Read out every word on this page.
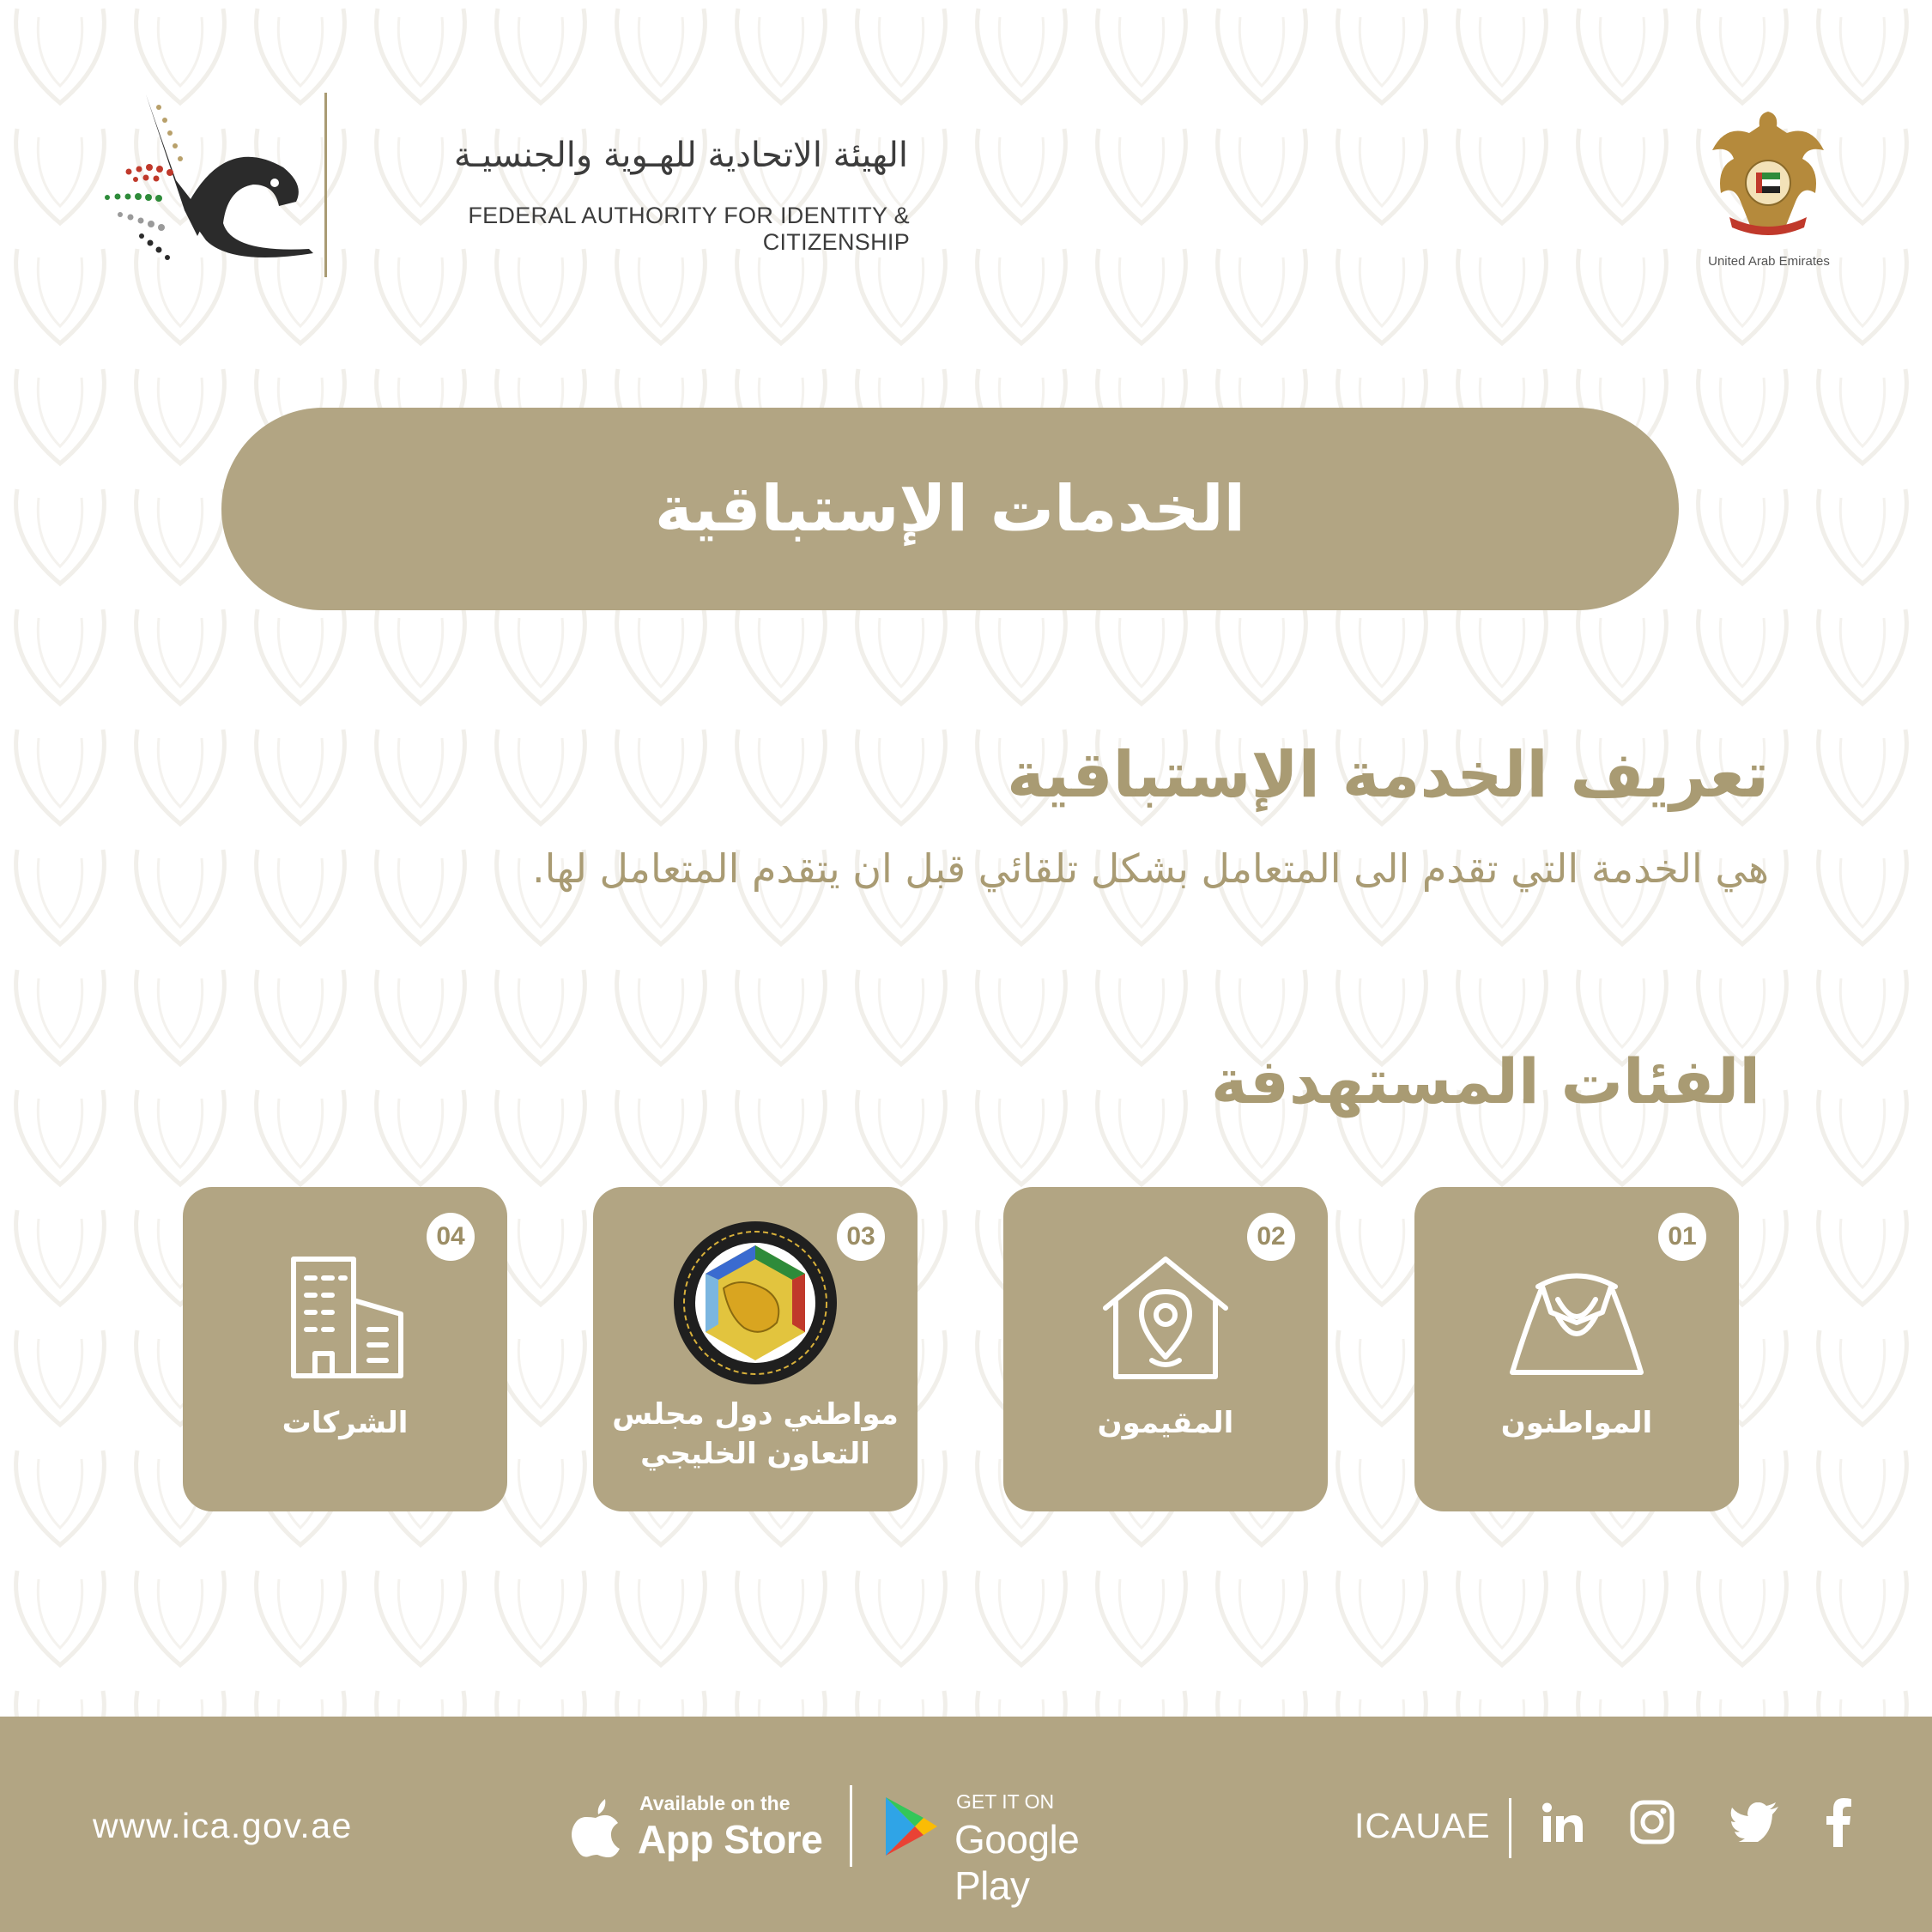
الهيئة الاتحادية للهـوية والجنسيـة
FEDERAL AUTHORITY FOR IDENTITY & CITIZENSHIP
United Arab Emirates
الخدمات الإستباقية
تعريف الخدمة الإستباقية
هي الخدمة التي تقدم الى المتعامل بشكل تلقائي قبل ان يتقدم المتعامل لها.
الفئات المستهدفة
01
المواطنون
02
المقيمون
03
مواطني دول مجلس
التعاون الخليجي
04
الشركات
www.ica.gov.ae
Available on the
App Store
GET IT ON
Google Play
ICAUAE
